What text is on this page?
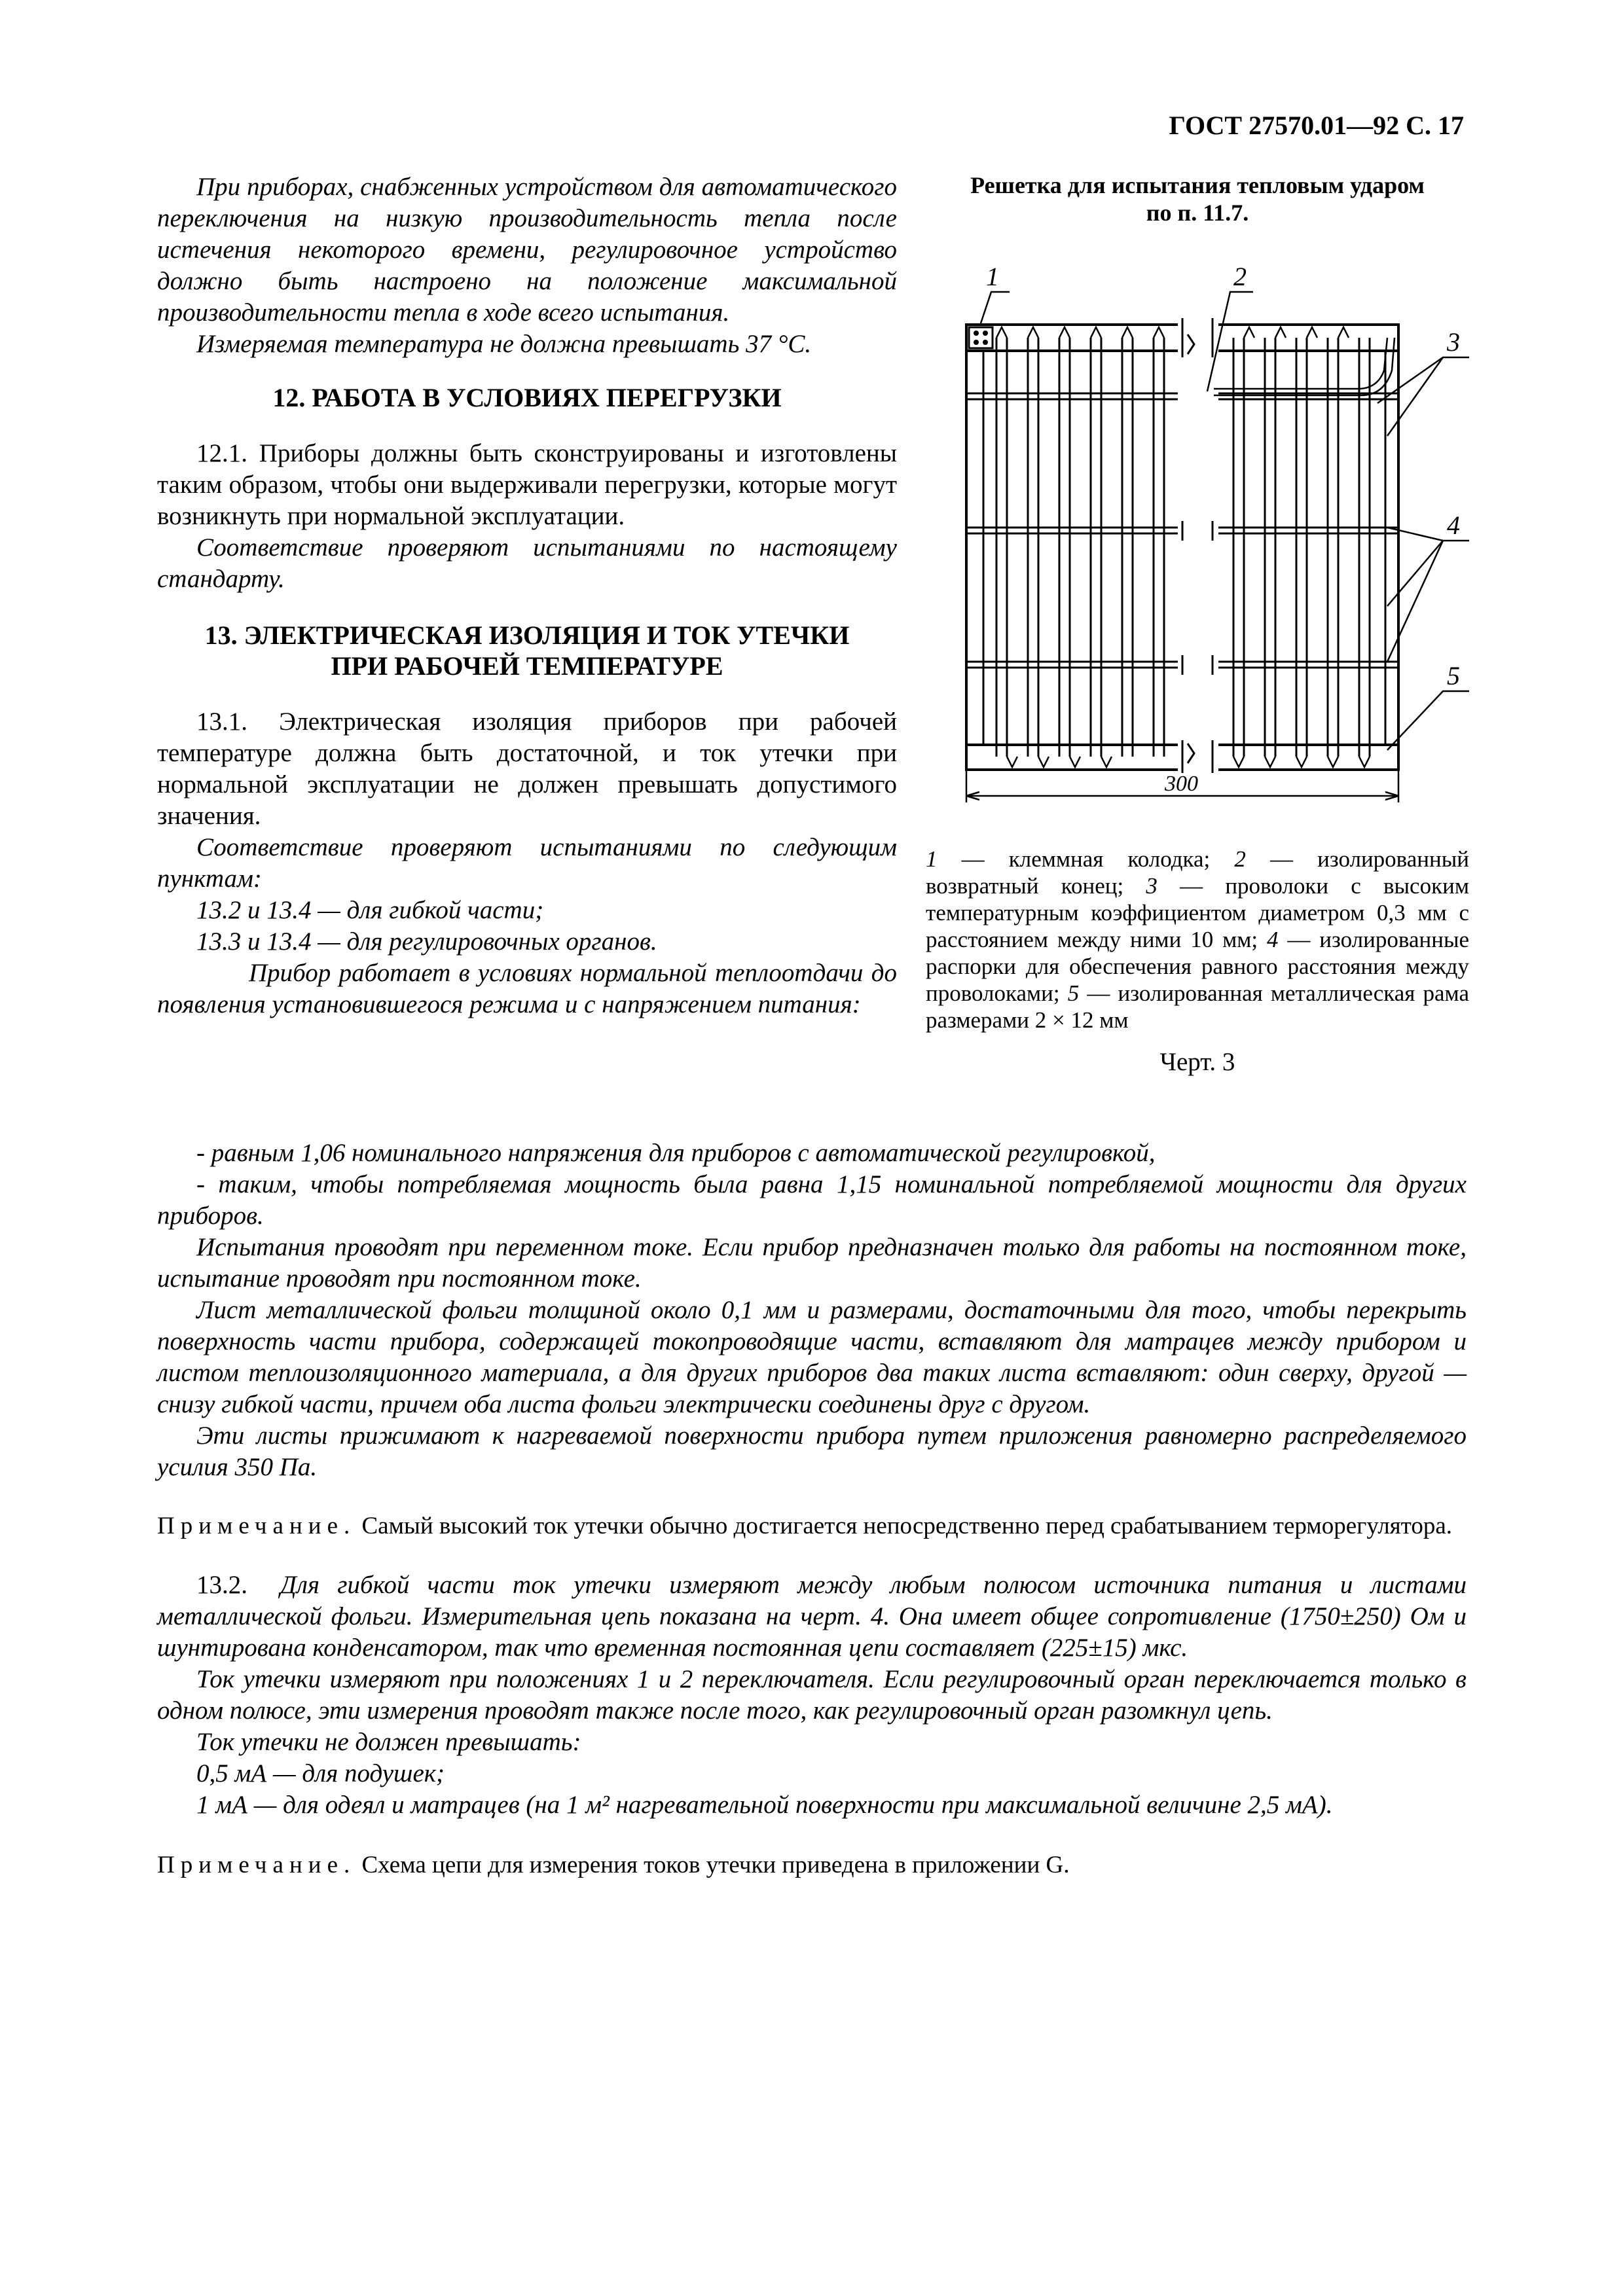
ГОСТ 27570.01—92 С. 17

При приборах, снабженных устройством для автоматического переключения на низкую производительность тепла после истечения некоторого времени, регулировочное устройство должно быть настроено на положение максимальной производительности тепла в ходе всего испытания.

Измеряемая температура не должна превышать 37 °С.

12. РАБОТА В УСЛОВИЯХ ПЕРЕГРУЗКИ

12.1. Приборы должны быть сконструированы и изготовлены таким образом, чтобы они выдерживали перегрузки, которые могут возникнуть при нормальной эксплуатации.

Соответствие проверяют испытаниями по настоящему стандарту.

13. ЭЛЕКТРИЧЕСКАЯ ИЗОЛЯЦИЯ И ТОК УТЕЧКИ

ПРИ РАБОЧЕЙ ТЕМПЕРАТУРЕ

13.1. Электрическая изоляция приборов при рабочей температуре должна быть достаточной, и ток утечки при нормальной эксплуатации не должен превышать допустимого значения.

Соответствие проверяют испытаниями по следующим пунктам:

13.2 и 13.4 — для гибкой части;

13.3 и 13.4 — для регулировочных органов.

Прибор работает в условиях нормальной теплоотдачи до появления установившегося режима и с напряжением питания:

Решетка для испытания тепловым ударом

по п. 11.7.

1	2
3
4
5
300

1 — клеммная колодка; 2 — изолированный возвратный конец; 3 — проволоки с высоким температурным коэффициентом диаметром 0,3 мм с расстоянием между ними 10 мм; 4 — изолированные распорки для обеспечения равного расстояния между проволоками; 5 — изолированная металлическая рама размерами 2 × 12 мм

Черт. 3

- равным 1,06 номинального напряжения для приборов с автоматической регулировкой,

- таким, чтобы потребляемая мощность была равна 1,15 номинальной потребляемой мощности для других приборов.

Испытания проводят при переменном токе. Если прибор предназначен только для работы на постоянном токе, испытание проводят при постоянном токе.

Лист металлической фольги толщиной около 0,1 мм и размерами, достаточными для того, чтобы перекрыть поверхность части прибора, содержащей токопроводящие части, вставляют для матрацев между прибором и листом теплоизоляционного материала, а для других приборов два таких листа вставляют: один сверху, другой — снизу гибкой части, причем оба листа фольги электрически соединены друг с другом.

Эти листы прижимают к нагреваемой поверхности прибора путем приложения равномерно распределяемого усилия 350 Па.

Примечание. Самый высокий ток утечки обычно достигается непосредственно перед срабатыванием терморегулятора.

13.2. Для гибкой части ток утечки измеряют между любым полюсом источника питания и листами металлической фольги. Измерительная цепь показана на черт. 4. Она имеет общее сопротивление (1750±250) Ом и шунтирована конденсатором, так что временная постоянная цепи составляет (225±15) мкс.

Ток утечки измеряют при положениях 1 и 2 переключателя. Если регулировочный орган переключается только в одном полюсе, эти измерения проводят также после того, как регулировочный орган разомкнул цепь.

Ток утечки не должен превышать:

0,5 мА — для подушек;

1 мА — для одеял и матрацев (на 1 м² нагревательной поверхности при максимальной величине 2,5 мА).

Примечание. Схема цепи для измерения токов утечки приведена в приложении G.
